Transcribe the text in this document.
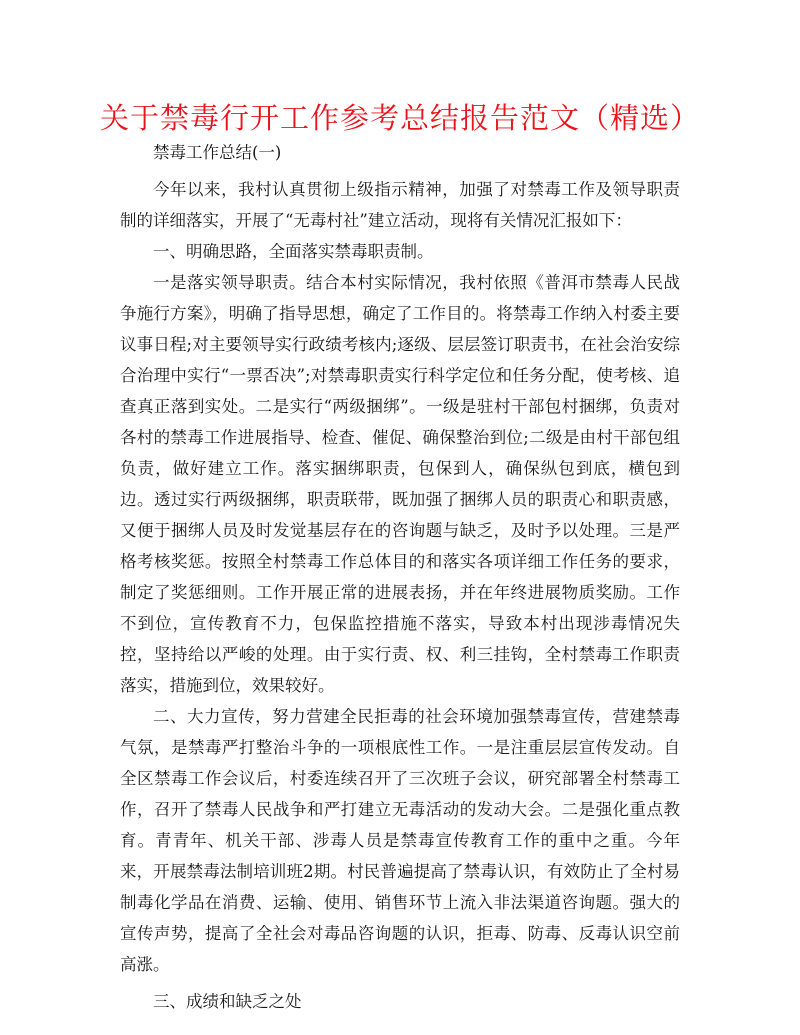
关于禁毒行开工作参考总结报告范文（精选）

禁毒工作总结(一)

今年以来，我村认真贯彻上级指示精神，加强了对禁毒工作及领导职责制的详细落实，开展了“无毒村社”建立活动，现将有关情况汇报如下：

一、明确思路，全面落实禁毒职责制。

一是落实领导职责。结合本村实际情况，我村依照《普洱市禁毒人民战争施行方案》，明确了指导思想，确定了工作目的。将禁毒工作纳入村委主要议事日程;对主要领导实行政绩考核内;逐级、层层签订职责书，在社会治安综合治理中实行“一票否决”;对禁毒职责实行科学定位和任务分配，使考核、追查真正落到实处。二是实行“两级捆绑”。一级是驻村干部包村捆绑，负责对各村的禁毒工作进展指导、检查、催促、确保整治到位;二级是由村干部包组负责，做好建立工作。落实捆绑职责，包保到人，确保纵包到底，横包到边。透过实行两级捆绑，职责联带，既加强了捆绑人员的职责心和职责感，又便于捆绑人员及时发觉基层存在的咨询题与缺乏，及时予以处理。三是严格考核奖惩。按照全村禁毒工作总体目的和落实各项详细工作任务的要求，制定了奖惩细则。工作开展正常的进展表扬，并在年终进展物质奖励。工作不到位，宣传教育不力，包保监控措施不落实，导致本村出现涉毒情况失控，坚持给以严峻的处理。由于实行责、权、利三挂钩，全村禁毒工作职责落实，措施到位，效果较好。

二、大力宣传，努力营建全民拒毒的社会环境加强禁毒宣传，营建禁毒气氛，是禁毒严打整治斗争的一项根底性工作。一是注重层层宣传发动。自全区禁毒工作会议后，村委连续召开了三次班子会议，研究部署全村禁毒工作，召开了禁毒人民战争和严打建立无毒活动的发动大会。二是强化重点教育。青青年、机关干部、涉毒人员是禁毒宣传教育工作的重中之重。今年来，开展禁毒法制培训班2期。村民普遍提高了禁毒认识，有效防止了全村易制毒化学品在消费、运输、使用、销售环节上流入非法渠道咨询题。强大的宣传声势，提高了全社会对毒品咨询题的认识，拒毒、防毒、反毒认识空前高涨。

三、成绩和缺乏之处
